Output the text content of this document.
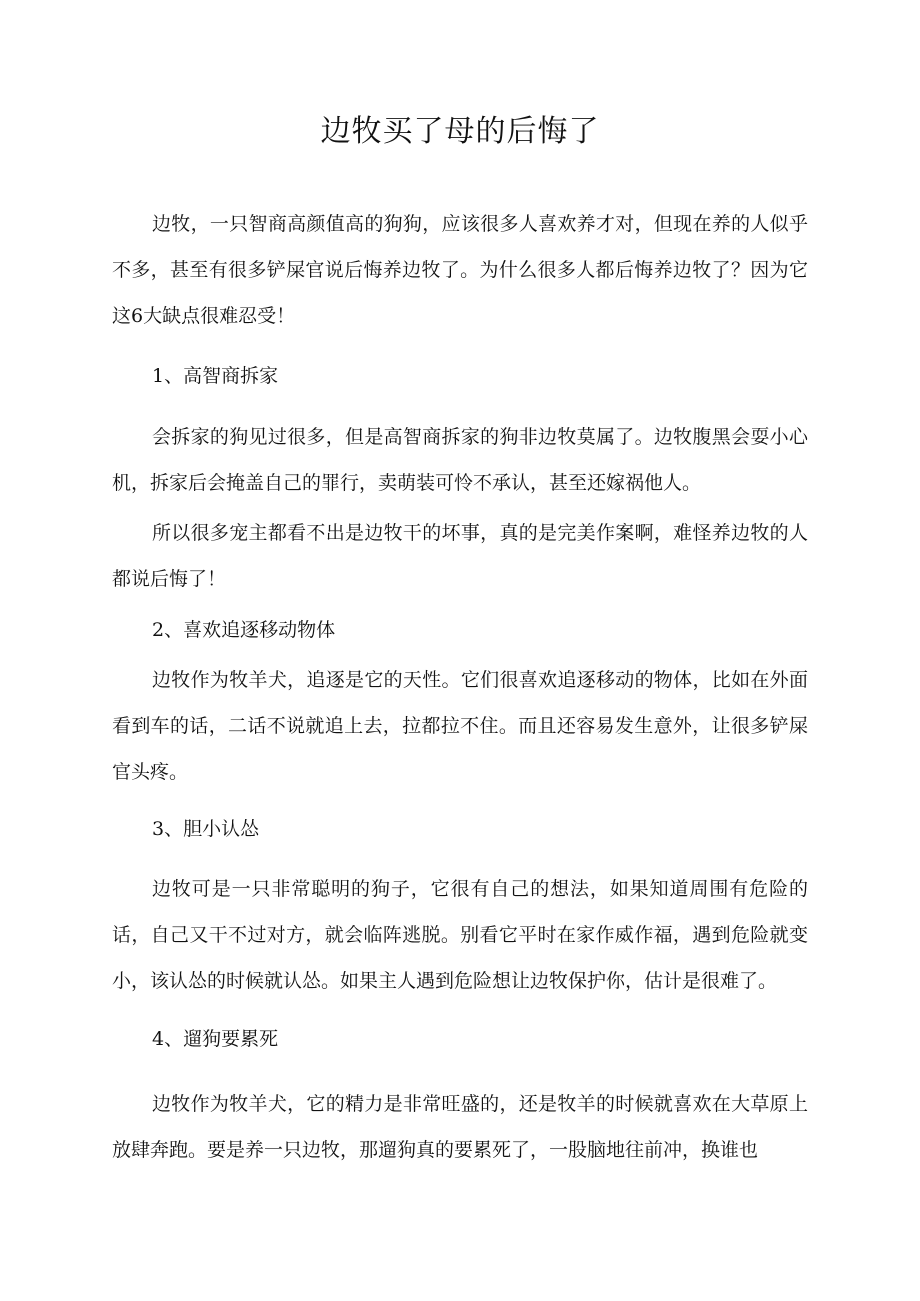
边牧买了母的后悔了

边牧，一只智商高颜值高的狗狗，应该很多人喜欢养才对，但现在养的人似乎不多，甚至有很多铲屎官说后悔养边牧了。为什么很多人都后悔养边牧了？因为它这6大缺点很难忍受！

1、高智商拆家

会拆家的狗见过很多，但是高智商拆家的狗非边牧莫属了。边牧腹黑会耍小心机，拆家后会掩盖自己的罪行，卖萌装可怜不承认，甚至还嫁祸他人。

所以很多宠主都看不出是边牧干的坏事，真的是完美作案啊，难怪养边牧的人都说后悔了！

2、喜欢追逐移动物体

边牧作为牧羊犬，追逐是它的天性。它们很喜欢追逐移动的物体，比如在外面看到车的话，二话不说就追上去，拉都拉不住。而且还容易发生意外，让很多铲屎官头疼。

3、胆小认怂

边牧可是一只非常聪明的狗子，它很有自己的想法，如果知道周围有危险的话，自己又干不过对方，就会临阵逃脱。别看它平时在家作威作福，遇到危险就变小，该认怂的时候就认怂。如果主人遇到危险想让边牧保护你，估计是很难了。

4、遛狗要累死

边牧作为牧羊犬，它的精力是非常旺盛的，还是牧羊的时候就喜欢在大草原上放肆奔跑。要是养一只边牧，那遛狗真的要累死了，一股脑地往前冲，换谁也
